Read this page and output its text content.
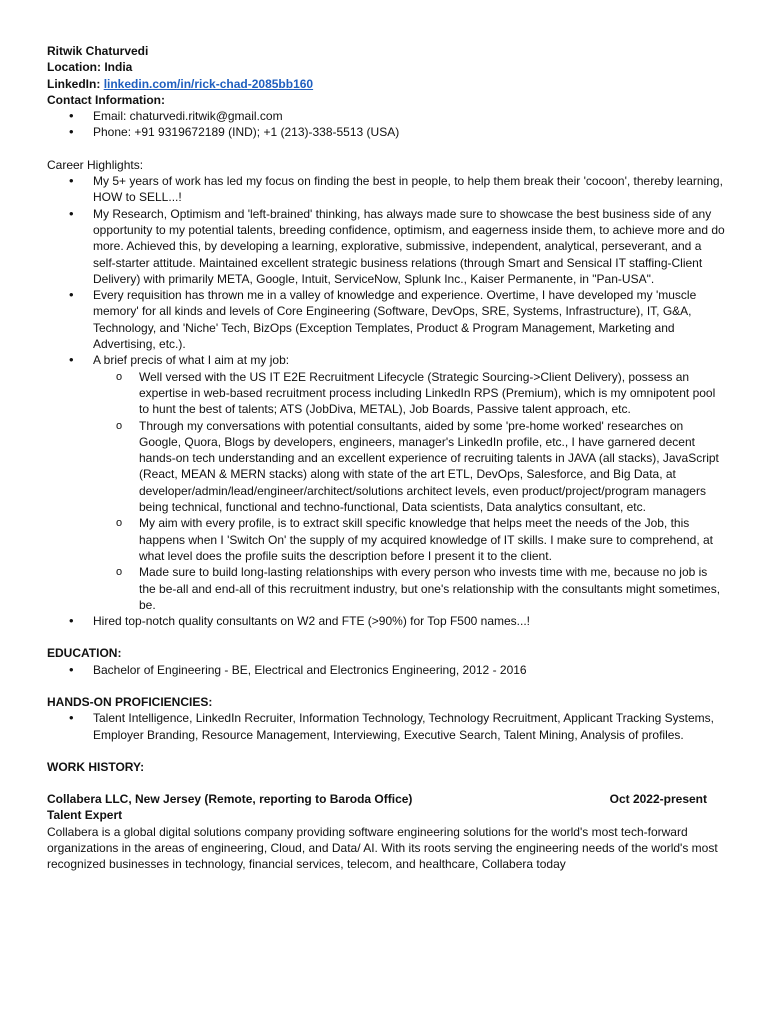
Ritwik Chaturvedi
Location: India
LinkedIn: linkedin.com/in/rick-chad-2085bb160
Contact Information:
• Email: chaturvedi.ritwik@gmail.com
• Phone: +91 9319672189 (IND); +1 (213)-338-5513 (USA)
Career Highlights:
• My 5+ years of work has led my focus on finding the best in people, to help them break their 'cocoon', thereby learning, HOW to SELL...!
• My Research, Optimism and 'left-brained' thinking, has always made sure to showcase the best business side of any opportunity to my potential talents, breeding confidence, optimism, and eagerness inside them, to achieve more and do more. Achieved this, by developing a learning, explorative, submissive, independent, analytical, perseverant, and a self-starter attitude. Maintained excellent strategic business relations (through Smart and Sensical IT staffing-Client Delivery) with primarily META, Google, Intuit, ServiceNow, Splunk Inc., Kaiser Permanente, in "Pan-USA".
• Every requisition has thrown me in a valley of knowledge and experience. Overtime, I have developed my 'muscle memory' for all kinds and levels of Core Engineering (Software, DevOps, SRE, Systems, Infrastructure), IT, G&A, Technology, and 'Niche' Tech, BizOps (Exception Templates, Product & Program Management, Marketing and Advertising, etc.).
• A brief precis of what I aim at my job:
o Well versed with the US IT E2E Recruitment Lifecycle (Strategic Sourcing->Client Delivery), possess an expertise in web-based recruitment process including LinkedIn RPS (Premium), which is my omnipotent pool to hunt the best of talents; ATS (JobDiva, METAL), Job Boards, Passive talent approach, etc.
o Through my conversations with potential consultants, aided by some 'pre-home worked' researches on Google, Quora, Blogs by developers, engineers, manager's LinkedIn profile, etc., I have garnered decent hands-on tech understanding and an excellent experience of recruiting talents in JAVA (all stacks), JavaScript (React, MEAN & MERN stacks) along with state of the art ETL, DevOps, Salesforce, and Big Data, at developer/admin/lead/engineer/architect/solutions architect levels, even product/project/program managers being technical, functional and techno-functional, Data scientists, Data analytics consultant, etc.
o My aim with every profile, is to extract skill specific knowledge that helps meet the needs of the Job, this happens when I 'Switch On' the supply of my acquired knowledge of IT skills. I make sure to comprehend, at what level does the profile suits the description before I present it to the client.
o Made sure to build long-lasting relationships with every person who invests time with me, because no job is the be-all and end-all of this recruitment industry, but one's relationship with the consultants might sometimes, be.
• Hired top-notch quality consultants on W2 and FTE (>90%) for Top F500 names...!
EDUCATION:
• Bachelor of Engineering - BE, Electrical and Electronics Engineering, 2012 - 2016
HANDS-ON PROFICIENCIES:
• Talent Intelligence, LinkedIn Recruiter, Information Technology, Technology Recruitment, Applicant Tracking Systems, Employer Branding, Resource Management, Interviewing, Executive Search, Talent Mining, Analysis of profiles.
WORK HISTORY:
Collabera LLC, New Jersey (Remote, reporting to Baroda Office)	Oct 2022-present
Talent Expert
Collabera is a global digital solutions company providing software engineering solutions for the world's most tech-forward organizations in the areas of engineering, Cloud, and Data/ AI. With its roots serving the engineering needs of the world's most recognized businesses in technology, financial services, telecom, and healthcare, Collabera today
